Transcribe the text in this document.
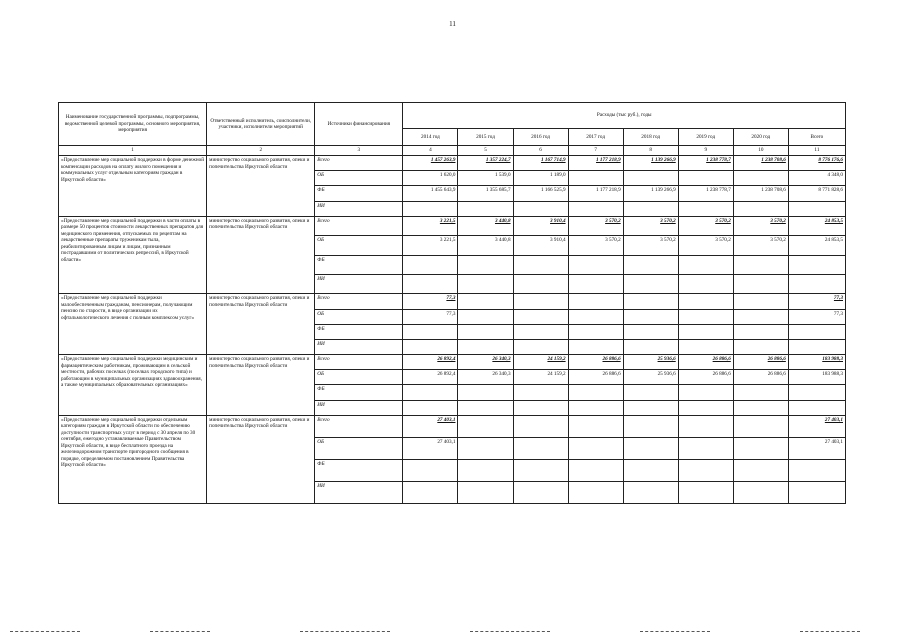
11
Наименование государственной программы, подпрограммы, ведомственной целевой программы, основного мероприятия, мероприятия	Ответственный исполнитель, соисполнители, участники, исполнители мероприятий	Источники финансирования	Расходы (тыс руб.), годы							
			2014 год	2015 год	2016 год	2017 год	2018 год	2019 год	2020 год	Всего
1	2	3	4	5	6	7	8	9	10	11
«Предоставление мер социальной поддержки в форме денежной компенсации расходов на оплату жилого помещения и коммунальных услуг отдельным категориям граждан в Иркутской области»	министерство социального развития, опеки и попечительства Иркутской области	Всего	1 457 263,9	1 357 224,7	1 167 714,9	1 177 218,9	1 139 266,9	1 238 778,7	1 238 708,6	8 776 176,6
		ОБ	1 620,0	1 539,0	1 189,0					4 348,0
		ФБ	1 455 643,9	1 355 685,7	1 166 525,9	1 177 218,9	1 139 266,9	1 238 778,7	1 238 708,6	8 771 828,6
		ИИ								
«Предоставление мер социальной поддержки в части оплаты в размере 50 процентов стоимости лекарственных препаратов для медицинского применения, отпускаемых по рецептам на лекарственные препараты труженикам тыла, реабилитированным лицам и лицам, признанным пострадавшими от политических репрессий, в Иркутской области»	министерство социального развития, опеки и попечительства Иркутской области	Всего	3 221,5	3 440,8	3 910,4	3 570,2	3 570,2	3 570,2	3 570,2	24 853,5
		ОБ	3 221,5	3 440,8	3 910,4	3 570,2	3 570,2	3 570,2	3 570,2	24 853,5
		ФБ								
		ИИ								
«Предоставление мер социальной поддержки малообеспеченным гражданам, пенсионерам, получающим пенсию по старости, в виде организации их офтальмологического лечения с полным комплексом услуг»	министерство социального развития, опеки и попечительства Иркутской области	Всего	77,3							77,3
		ОБ	77,3							77,3
		ФБ								
		ИИ								
«Предоставление мер социальной поддержки медицинским и фармацевтическим работникам, проживающим в сельской местности, рабочих поселках (поселках городского типа) и работающим в муниципальных организациях здравоохранения, а также муниципальных образовательных организациях»	министерство социального развития, опеки и попечительства Иркутской области	Всего	26 892,4	26 340,3	24 159,2	26 886,6	25 936,6	26 886,6	26 886,6	183 988,3
		ОБ	26 892,4	26 340,3	24 159,2	26 886,6	25 936,6	26 886,6	26 886,6	183 988,3
		ФБ								
		ИИ								
«Предоставление мер социальной поддержки отдельным категориям граждан в Иркутской области по обеспечению доступности транспортных услуг в период с 30 апреля по 30 сентября, ежегодно устанавливаемые Правительством Иркутской области, в виде бесплатного проезда на железнодорожном транспорте пригородного сообщения в порядке, определяемом постановлением Правительства Иркутской области»	министерство социального развития, опеки и попечительства Иркутской области	Всего	27 403,1							27 403,1
		ОБ	27 403,1							27 403,1
		ФБ								
		ИИ								
